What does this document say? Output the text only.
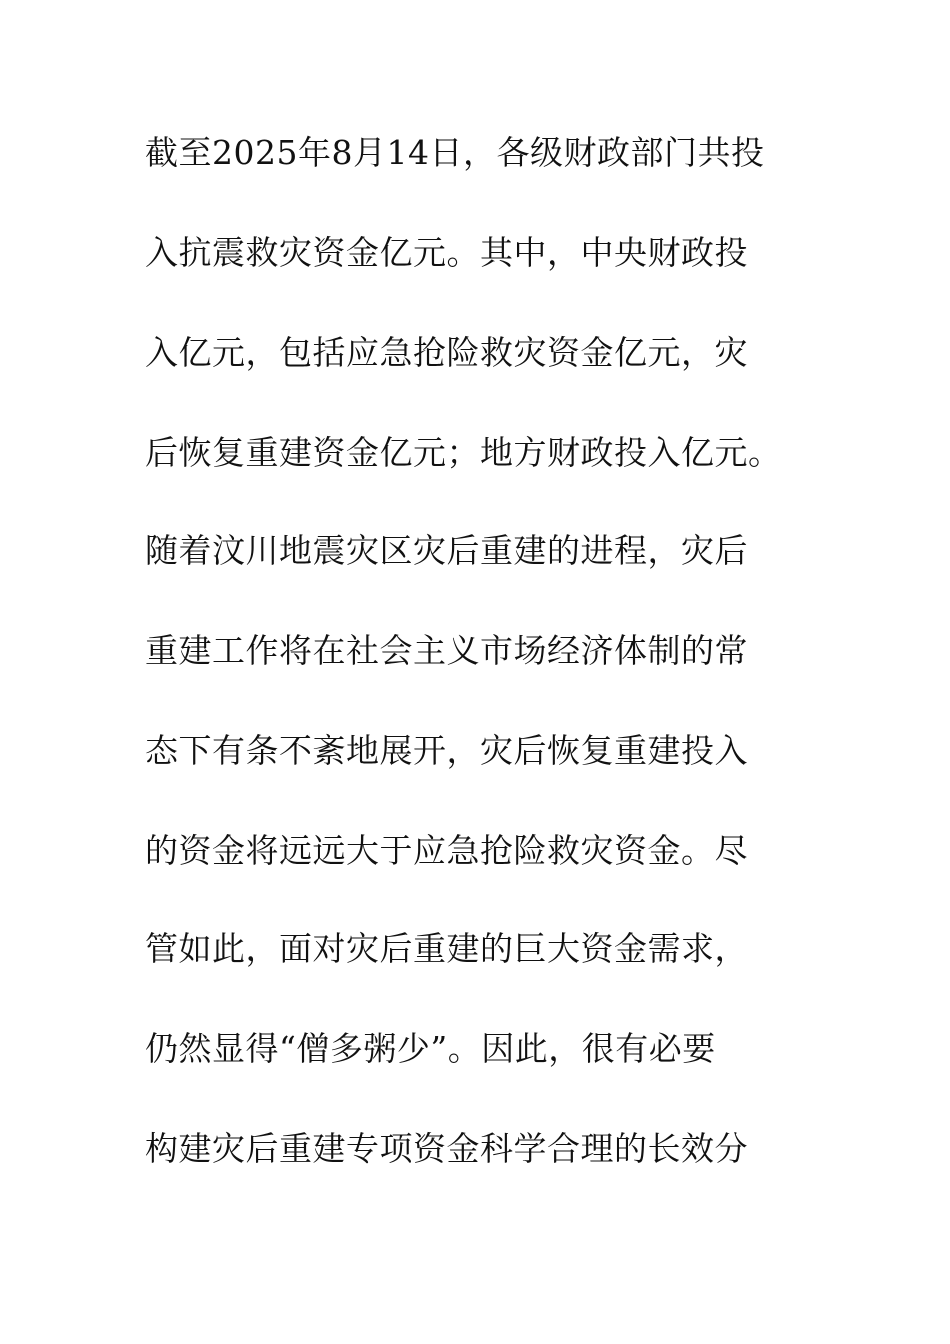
截至2025年8月14日，各级财政部门共投
入抗震救灾资金亿元。其中，中央财政投
入亿元，包括应急抢险救灾资金亿元，灾
后恢复重建资金亿元；地方财政投入亿元。
随着汶川地震灾区灾后重建的进程，灾后
重建工作将在社会主义市场经济体制的常
态下有条不紊地展开，灾后恢复重建投入
的资金将远远大于应急抢险救灾资金。尽
管如此，面对灾后重建的巨大资金需求，
仍然显得“僧多粥少”。因此，很有必要
构建灾后重建专项资金科学合理的长效分
